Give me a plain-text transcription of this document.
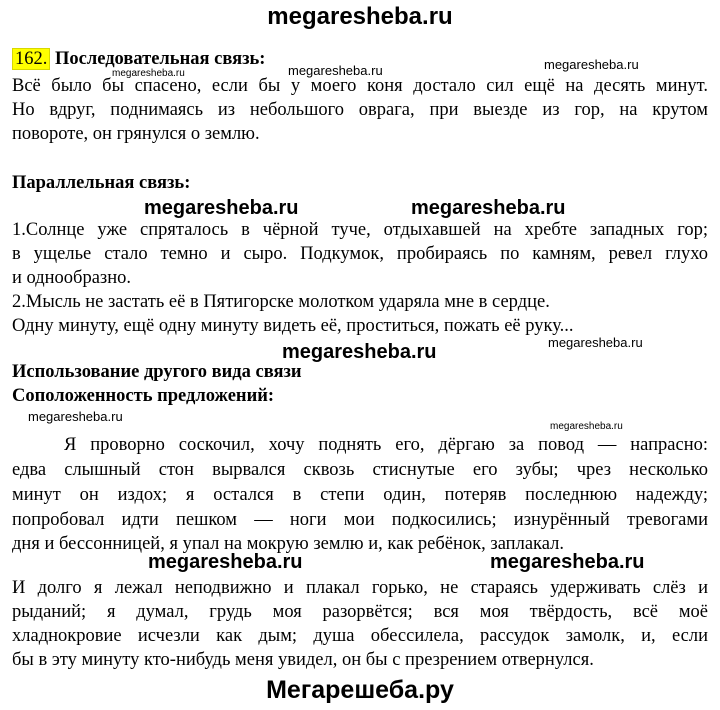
megaresheba.ru
162. Последовательная связь:
Всё было бы спасено, если бы у моего коня достало сил ещё на десять минут.
Но вдруг, поднимаясь из небольшого оврага, при выезде из гор, на крутом
повороте, он грянулся о землю.
Параллельная связь:
1.Солнце уже спряталось в чёрной туче, отдыхавшей на хребте западных гор;
в ущелье стало темно и сыро. Подкумок, пробираясь по камням, ревел глухо
и однообразно.
2.Мысль не застать её в Пятигорске молотком ударяла мне в сердце.
Одну минуту, ещё одну минуту видеть её, проститься, пожать её руку...
Использование другого вида связи
Соположенность предложений:
Я проворно соскочил, хочу поднять его, дёргаю за повод — напрасно:
едва слышный стон вырвался сквозь стиснутые его зубы; чрез несколько
минут он издох; я остался в степи один, потеряв последнюю надежду;
попробовал идти пешком — ноги мои подкосились; изнурённый тревогами
дня и бессонницей, я упал на мокрую землю и, как ребёнок, заплакал.
И долго я лежал неподвижно и плакал горько, не стараясь удерживать слёз и
рыданий; я думал, грудь моя разорвётся; вся моя твёрдость, всё моё
хладнокровие исчезли как дым; душа обессилела, рассудок замолк, и, если
бы в эту минуту кто-нибудь меня увидел, он бы с презрением отвернулся.
megaresheba.ru
megaresheba.ru	megaresheba.ru
megaresheba.ru	megaresheba.ru
megaresheba.ru	megaresheba.ru
megaresheba.ru
megaresheba.ru
megaresheba.ru	megaresheba.ru
Мегарешеба.ру
